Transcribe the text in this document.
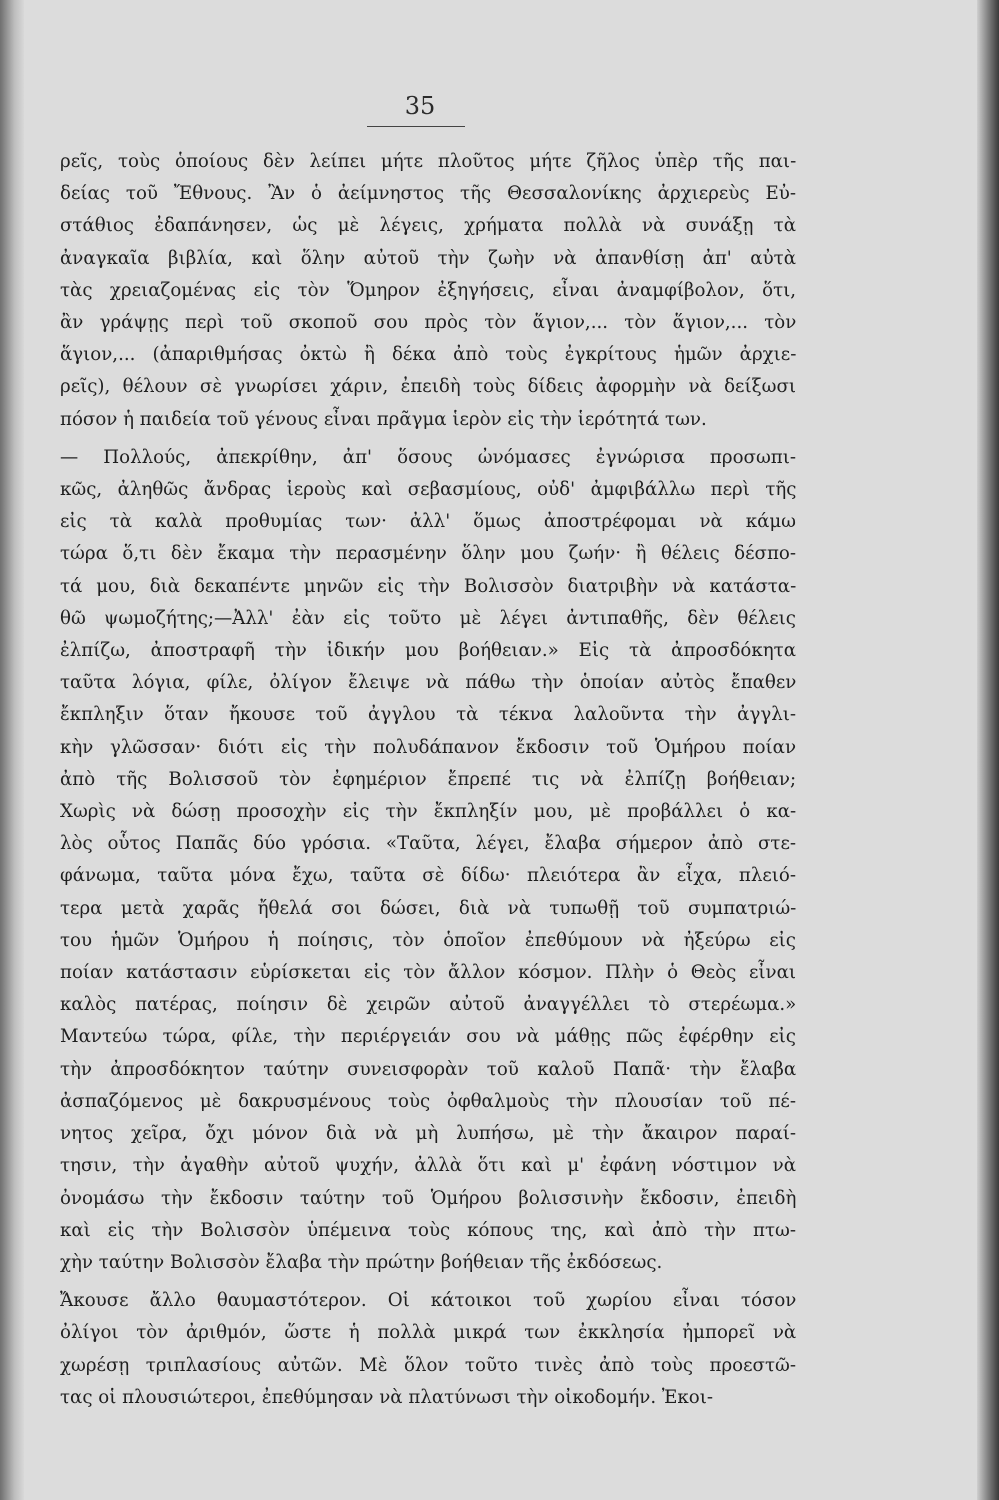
35

ρεῖς, τοὺς ὁποίους δὲν λείπει μήτε πλοῦτος μήτε ζῆλος ὑπὲρ τῆς παι-
δείας τοῦ Ἔθνους. Ἂν ὁ ἀείμνηστος τῆς Θεσσαλονίκης ἀρχιερεὺς Εὐ-
στάθιος ἐδαπάνησεν, ὡς μὲ λέγεις, χρήματα πολλὰ νὰ συνάξῃ τὰ
ἀναγκαῖα βιβλία, καὶ ὅλην αὐτοῦ τὴν ζωὴν νὰ ἀπανθίσῃ ἀπ' αὐτὰ
τὰς χρειαζομένας εἰς τὸν Ὅμηρον ἐξηγήσεις, εἶναι ἀναμφίβολον, ὅτι,
ἂν γράψῃς περὶ τοῦ σκοποῦ σου πρὸς τὸν ἅγιον,... τὸν ἅγιον,... τὸν
ἅγιον,... (ἀπαριθμήσας ὀκτὼ ἢ δέκα ἀπὸ τοὺς ἐγκρίτους ἡμῶν ἀρχιε-
ρεῖς), θέλουν σὲ γνωρίσει χάριν, ἐπειδὴ τοὺς δίδεις ἀφορμὴν νὰ δείξωσι
πόσον ἡ παιδεία τοῦ γένους εἶναι πρᾶγμα ἱερὸν εἰς τὴν ἱερότητά των.

— Πολλούς, ἀπεκρίθην, ἀπ' ὅσους ὠνόμασες ἐγνώρισα προσωπι-
κῶς, ἀληθῶς ἄνδρας ἱεροὺς καὶ σεβασμίους, οὐδ' ἀμφιβάλλω περὶ τῆς
εἰς τὰ καλὰ προθυμίας των· ἀλλ' ὅμως ἀποστρέφομαι νὰ κάμω
τώρα ὅ,τι δὲν ἔκαμα τὴν περασμένην ὅλην μου ζωήν· ἢ θέλεις δέσπο-
τά μου, διὰ δεκαπέντε μηνῶν εἰς τὴν Βολισσὸν διατριβὴν νὰ κατάστα-
θῶ ψωμοζήτης;—Ἀλλ' ἐὰν εἰς τοῦτο μὲ λέγει ἀντιπαθῆς, δὲν θέλεις
ἐλπίζω, ἀποστραφῆ τὴν ἰδικήν μου βοήθειαν.» Εἰς τὰ ἀπροσδόκητα
ταῦτα λόγια, φίλε, ὀλίγον ἔλειψε νὰ πάθω τὴν ὁποίαν αὐτὸς ἔπαθεν
ἔκπληξιν ὅταν ἤκουσε τοῦ ἀγγλου τὰ τέκνα λαλοῦντα τὴν ἀγγλι-
κὴν γλῶσσαν· διότι εἰς τὴν πολυδάπανον ἔκδοσιν τοῦ Ὁμήρου ποίαν
ἀπὸ τῆς Βολισσοῦ τὸν ἐφημέριον ἔπρεπέ τις νὰ ἐλπίζῃ βοήθειαν;
Χωρὶς νὰ δώσῃ προσοχὴν εἰς τὴν ἔκπληξίν μου, μὲ προβάλλει ὁ κα-
λὸς οὗτος Παπᾶς δύο γρόσια. «Ταῦτα, λέγει, ἔλαβα σήμερον ἀπὸ στε-
φάνωμα, ταῦτα μόνα ἔχω, ταῦτα σὲ δίδω· πλειότερα ἂν εἶχα, πλειό-
τερα μετὰ χαρᾶς ἤθελά σοι δώσει, διὰ νὰ τυπωθῇ τοῦ συμπατριώ-
του ἡμῶν Ὁμήρου ἡ ποίησις, τὸν ὁποῖον ἐπεθύμουν νὰ ἠξεύρω εἰς
ποίαν κατάστασιν εὑρίσκεται εἰς τὸν ἄλλον κόσμον. Πλὴν ὁ Θεὸς εἶναι
καλὸς πατέρας, ποίησιν δὲ χειρῶν αὐτοῦ ἀναγγέλλει τὸ στερέωμα.»
Μαντεύω τώρα, φίλε, τὴν περιέργειάν σου νὰ μάθῃς πῶς ἐφέρθην εἰς
τὴν ἀπροσδόκητον ταύτην συνεισφορὰν τοῦ καλοῦ Παπᾶ· τὴν ἔλαβα
ἀσπαζόμενος μὲ δακρυσμένους τοὺς ὀφθαλμοὺς τὴν πλουσίαν τοῦ πέ-
νητος χεῖρα, ὄχι μόνον διὰ νὰ μὴ λυπήσω, μὲ τὴν ἄκαιρον παραί-
τησιν, τὴν ἀγαθὴν αὐτοῦ ψυχήν, ἀλλὰ ὅτι καὶ μ' ἐφάνη νόστιμον νὰ
ὀνομάσω τὴν ἔκδοσιν ταύτην τοῦ Ὁμήρου βολισσινὴν ἔκδοσιν, ἐπειδὴ
καὶ εἰς τὴν Βολισσὸν ὑπέμεινα τοὺς κόπους της, καὶ ἀπὸ τὴν πτω-
χὴν ταύτην Βολισσὸν ἔλαβα τὴν πρώτην βοήθειαν τῆς ἐκδόσεως.

Ἄκουσε ἄλλο θαυμαστότερον. Οἱ κάτοικοι τοῦ χωρίου εἶναι τόσον
ὀλίγοι τὸν ἀριθμόν, ὥστε ἡ πολλὰ μικρά των ἐκκλησία ἠμπορεῖ νὰ
χωρέσῃ τριπλασίους αὐτῶν. Μὲ ὅλον τοῦτο τινὲς ἀπὸ τοὺς προεστῶ-
τας οἱ πλουσιώτεροι, ἐπεθύμησαν νὰ πλατύνωσι τὴν οἰκοδομήν. Ἐκοι-
